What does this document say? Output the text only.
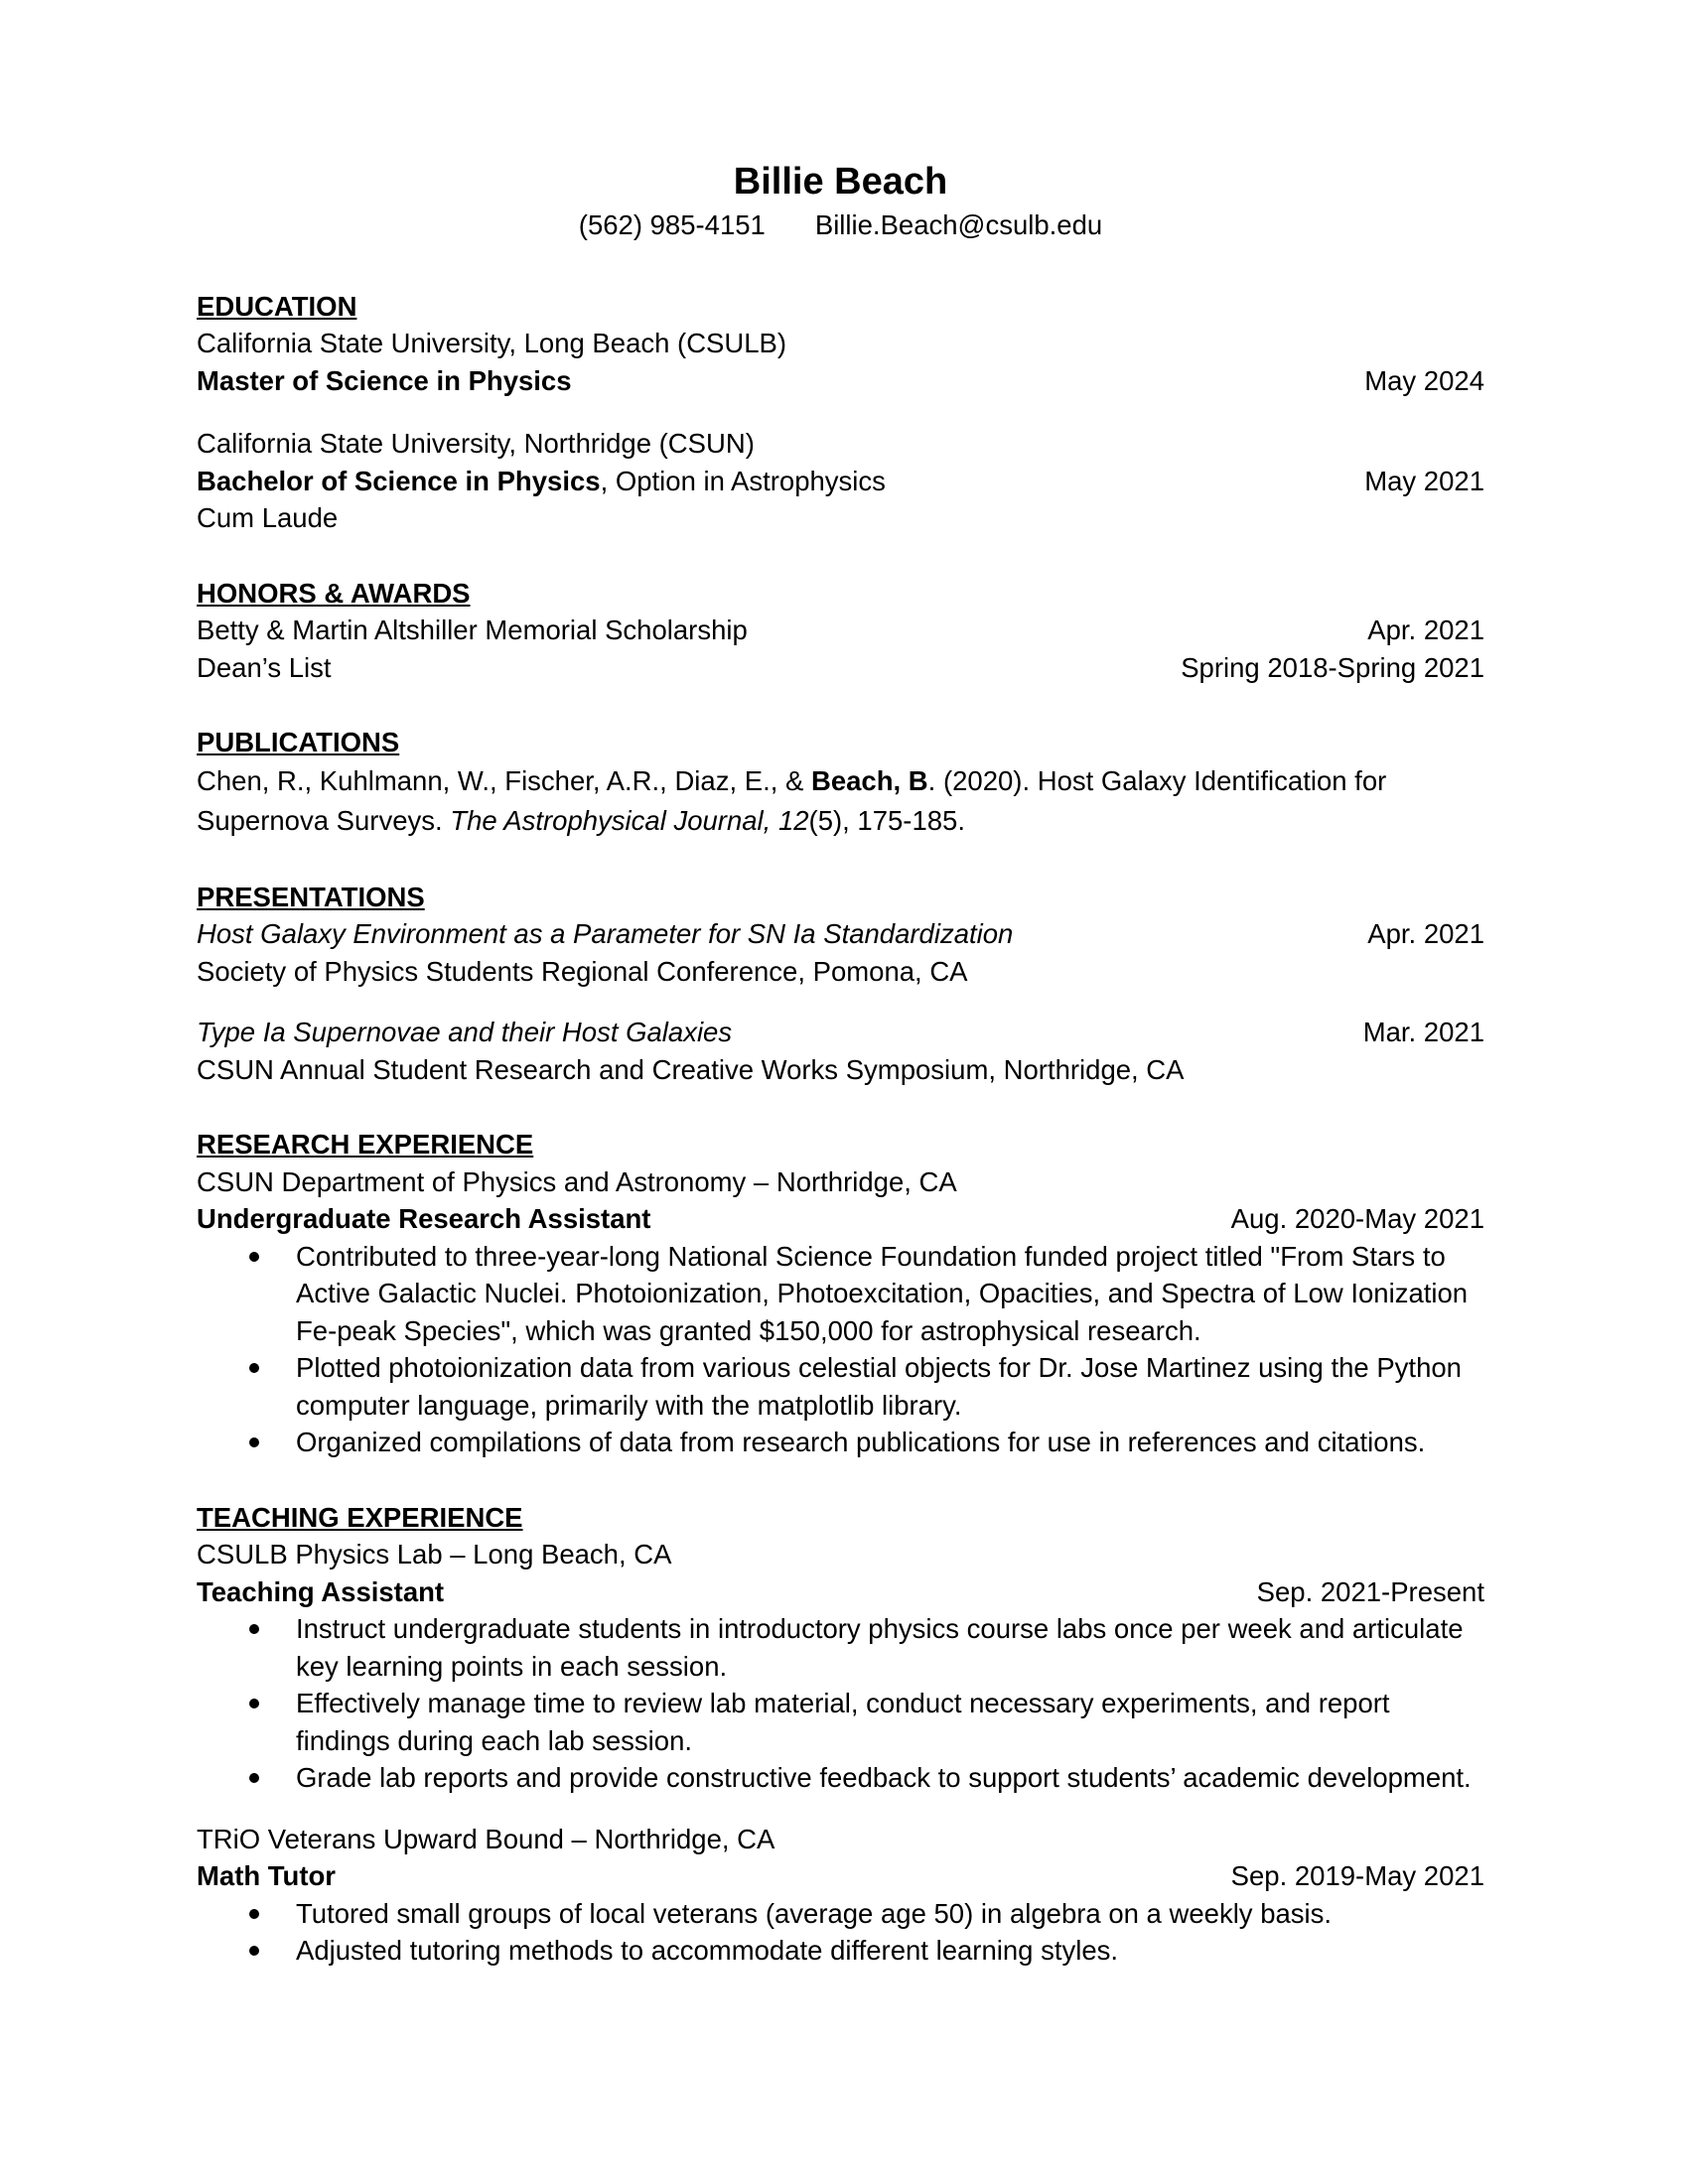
Billie Beach
(562) 985-4151 Billie.Beach@csulb.edu
EDUCATION
California State University, Long Beach (CSULB)
Master of Science in Physics	May 2024
California State University, Northridge (CSUN)
Bachelor of Science in Physics, Option in Astrophysics	May 2021
Cum Laude
HONORS & AWARDS
Betty & Martin Altshiller Memorial Scholarship	Apr. 2021
Dean’s List	Spring 2018-Spring 2021
PUBLICATIONS

Chen, R., Kuhlmann, W., Fischer, A.R., Diaz, E., & Beach, B. (2020). Host Galaxy Identification for Supernova Surveys. The Astrophysical Journal, 12(5), 175-185.

PRESENTATIONS
Host Galaxy Environment as a Parameter for SN Ia Standardization	Apr. 2021
Society of Physics Students Regional Conference, Pomona, CA
Type Ia Supernovae and their Host Galaxies	Mar. 2021
CSUN Annual Student Research and Creative Works Symposium, Northridge, CA
RESEARCH EXPERIENCE
CSUN Department of Physics and Astronomy – Northridge, CA
Undergraduate Research Assistant	Aug. 2020-May 2021
Contributed to three-year-long National Science Foundation funded project titled "From Stars to Active Galactic Nuclei. Photoionization, Photoexcitation, Opacities, and Spectra of Low Ionization Fe-peak Species", which was granted $150,000 for astrophysical research.
Plotted photoionization data from various celestial objects for Dr. Jose Martinez using the Python computer language, primarily with the matplotlib library.
Organized compilations of data from research publications for use in references and citations.
TEACHING EXPERIENCE
CSULB Physics Lab – Long Beach, CA
Teaching Assistant	Sep. 2021-Present
Instruct undergraduate students in introductory physics course labs once per week and articulate key learning points in each session.
Effectively manage time to review lab material, conduct necessary experiments, and report findings during each lab session.
Grade lab reports and provide constructive feedback to support students’ academic development.
TRiO Veterans Upward Bound – Northridge, CA
Math Tutor	Sep. 2019-May 2021
Tutored small groups of local veterans (average age 50) in algebra on a weekly basis.
Adjusted tutoring methods to accommodate different learning styles.
